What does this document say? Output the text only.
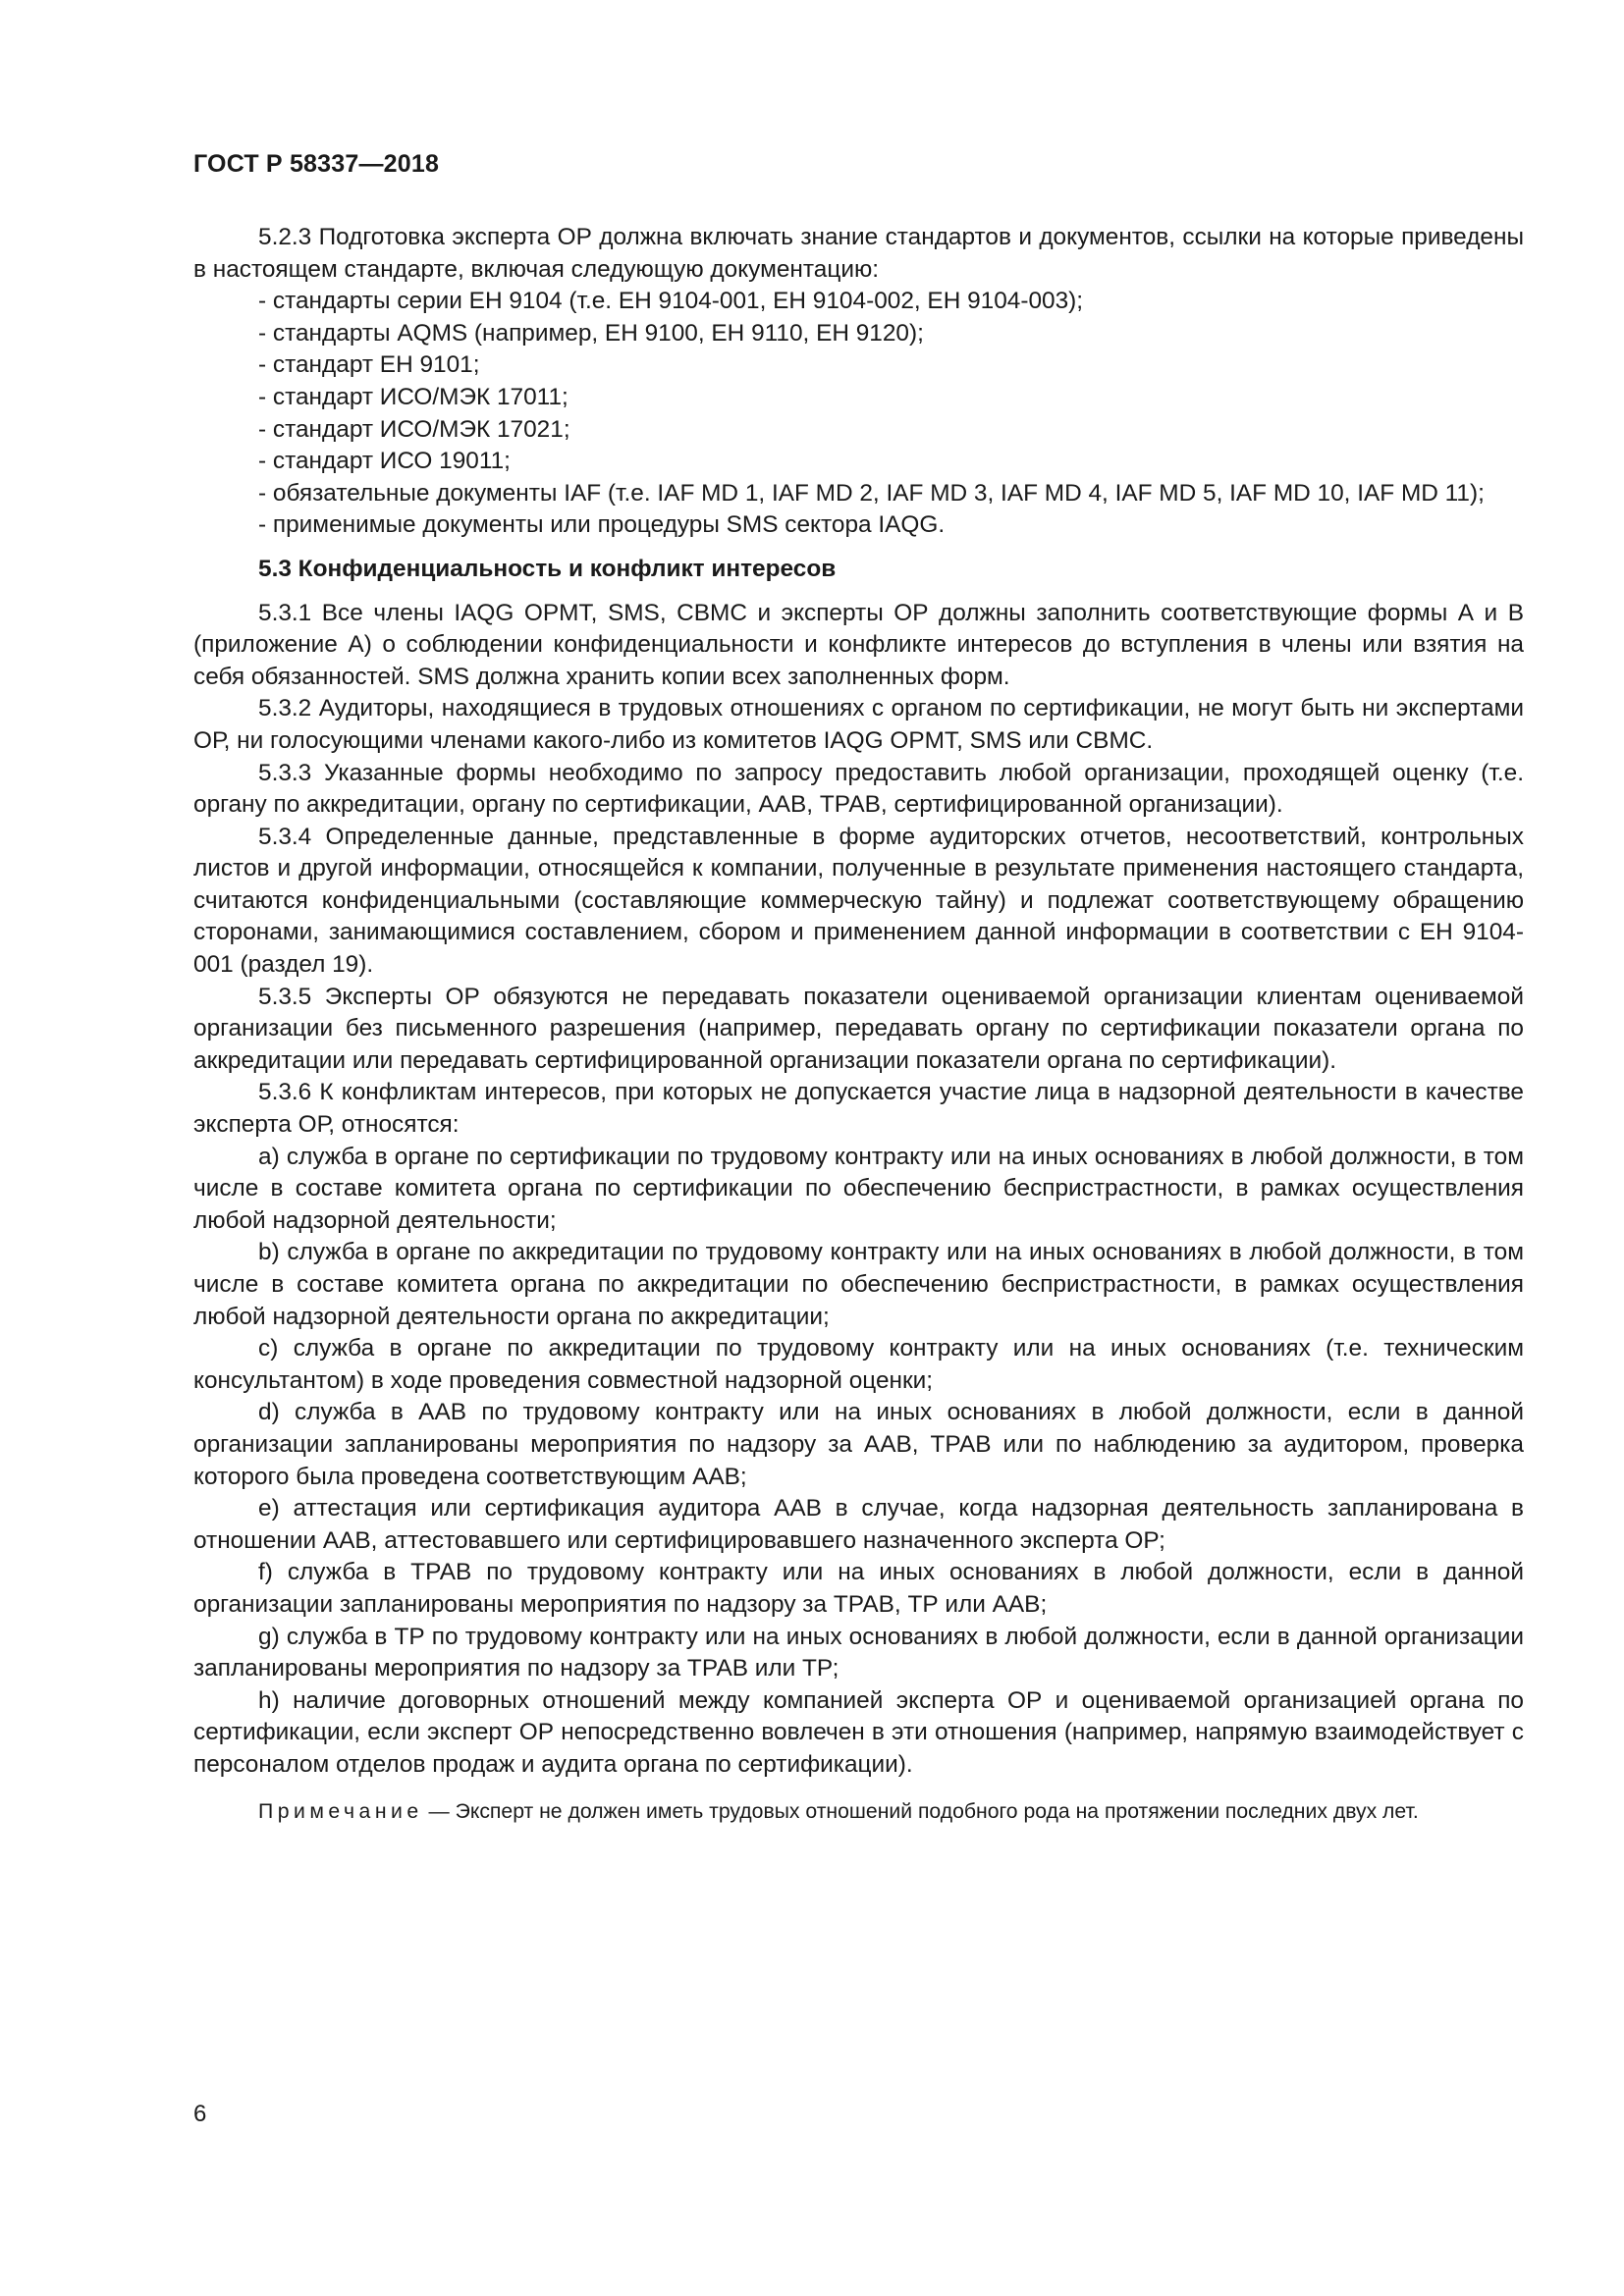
ГОСТ Р 58337—2018

5.2.3 Подготовка эксперта ОР должна включать знание стандартов и документов, ссылки на которые приведены в настоящем стандарте, включая следующую документацию:

- стандарты серии ЕН 9104 (т.е. ЕН 9104-001, ЕН 9104-002, ЕН 9104-003);

- стандарты AQMS (например, ЕН 9100, ЕН 9110, ЕН 9120);

- стандарт ЕН 9101;

- стандарт ИСО/МЭК 17011;

- стандарт ИСО/МЭК 17021;

- стандарт ИСО 19011;

- обязательные документы IAF (т.е. IAF MD 1, IAF MD 2, IAF MD 3, IAF MD 4, IAF MD 5, IAF MD 10, IAF MD 11);

- применимые документы или процедуры SMS сектора IAQG.

5.3 Конфиденциальность и конфликт интересов

5.3.1 Все члены IAQG OPMT, SMS, CBMC и эксперты ОР должны заполнить соответствующие формы А и В (приложение А) о соблюдении конфиденциальности и конфликте интересов до вступления в члены или взятия на себя обязанностей. SMS должна хранить копии всех заполненных форм.

5.3.2 Аудиторы, находящиеся в трудовых отношениях с органом по сертификации, не могут быть ни экспертами ОР, ни голосующими членами какого-либо из комитетов IAQG OPMT, SMS или CBMC.

5.3.3 Указанные формы необходимо по запросу предоставить любой организации, проходящей оценку (т.е. органу по аккредитации, органу по сертификации, ААВ, ТРАВ, сертифицированной организации).

5.3.4 Определенные данные, представленные в форме аудиторских отчетов, несоответствий, контрольных листов и другой информации, относящейся к компании, полученные в результате применения настоящего стандарта, считаются конфиденциальными (составляющие коммерческую тайну) и подлежат соответствующему обращению сторонами, занимающимися составлением, сбором и применением данной информации в соответствии с ЕН 9104-001 (раздел 19).

5.3.5 Эксперты ОР обязуются не передавать показатели оцениваемой организации клиентам оцениваемой организации без письменного разрешения (например, передавать органу по сертификации показатели органа по аккредитации или передавать сертифицированной организации показатели органа по сертификации).

5.3.6 К конфликтам интересов, при которых не допускается участие лица в надзорной деятельности в качестве эксперта ОР, относятся:

а) служба в органе по сертификации по трудовому контракту или на иных основаниях в любой должности, в том числе в составе комитета органа по сертификации по обеспечению беспристрастности, в рамках осуществления любой надзорной деятельности;

b) служба в органе по аккредитации по трудовому контракту или на иных основаниях в любой должности, в том числе в составе комитета органа по аккредитации по обеспечению беспристрастности, в рамках осуществления любой надзорной деятельности органа по аккредитации;

с) служба в органе по аккредитации по трудовому контракту или на иных основаниях (т.е. техническим консультантом) в ходе проведения совместной надзорной оценки;

d) служба в ААВ по трудовому контракту или на иных основаниях в любой должности, если в данной организации запланированы мероприятия по надзору за ААВ, ТРАВ или по наблюдению за аудитором, проверка которого была проведена соответствующим ААВ;

е) аттестация или сертификация аудитора ААВ в случае, когда надзорная деятельность запланирована в отношении ААВ, аттестовавшего или сертифицировавшего назначенного эксперта ОР;

f) служба в ТРАВ по трудовому контракту или на иных основаниях в любой должности, если в данной организации запланированы мероприятия по надзору за ТРАВ, ТР или ААВ;

g) служба в ТР по трудовому контракту или на иных основаниях в любой должности, если в данной организации запланированы мероприятия по надзору за ТРАВ или ТР;

h) наличие договорных отношений между компанией эксперта ОР и оцениваемой организацией органа по сертификации, если эксперт ОР непосредственно вовлечен в эти отношения (например, напрямую взаимодействует с персоналом отделов продаж и аудита органа по сертификации).

Примечание — Эксперт не должен иметь трудовых отношений подобного рода на протяжении последних двух лет.

6
